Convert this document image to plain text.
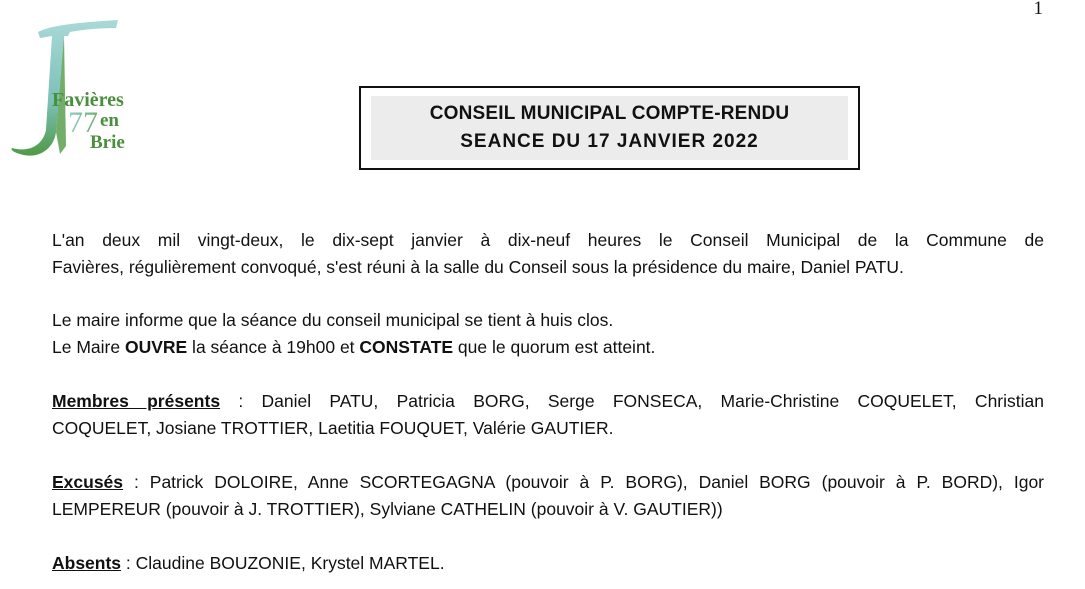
1
Favières
en
77
Brie
CONSEIL MUNICIPAL COMPTE-RENDU
SEANCE DU 17 JANVIER 2022
L'an deux mil vingt-deux, le dix-sept janvier à dix-neuf heures le Conseil Municipal de la Commune de
Favières, régulièrement convoqué, s'est réuni à la salle du Conseil sous la présidence du maire, Daniel PATU.
Le maire informe que la séance du conseil municipal se tient à huis clos.
Le Maire OUVRE la séance à 19h00 et CONSTATE que le quorum est atteint.
Membres présents : Daniel PATU, Patricia BORG, Serge FONSECA, Marie-Christine COQUELET, Christian
COQUELET, Josiane TROTTIER, Laetitia FOUQUET, Valérie GAUTIER.
Excusés : Patrick DOLOIRE, Anne SCORTEGAGNA (pouvoir à P. BORG), Daniel BORG (pouvoir à P. BORD), Igor
LEMPEREUR (pouvoir à J. TROTTIER), Sylviane CATHELIN (pouvoir à V. GAUTIER))
Absents : Claudine BOUZONIE, Krystel MARTEL.
